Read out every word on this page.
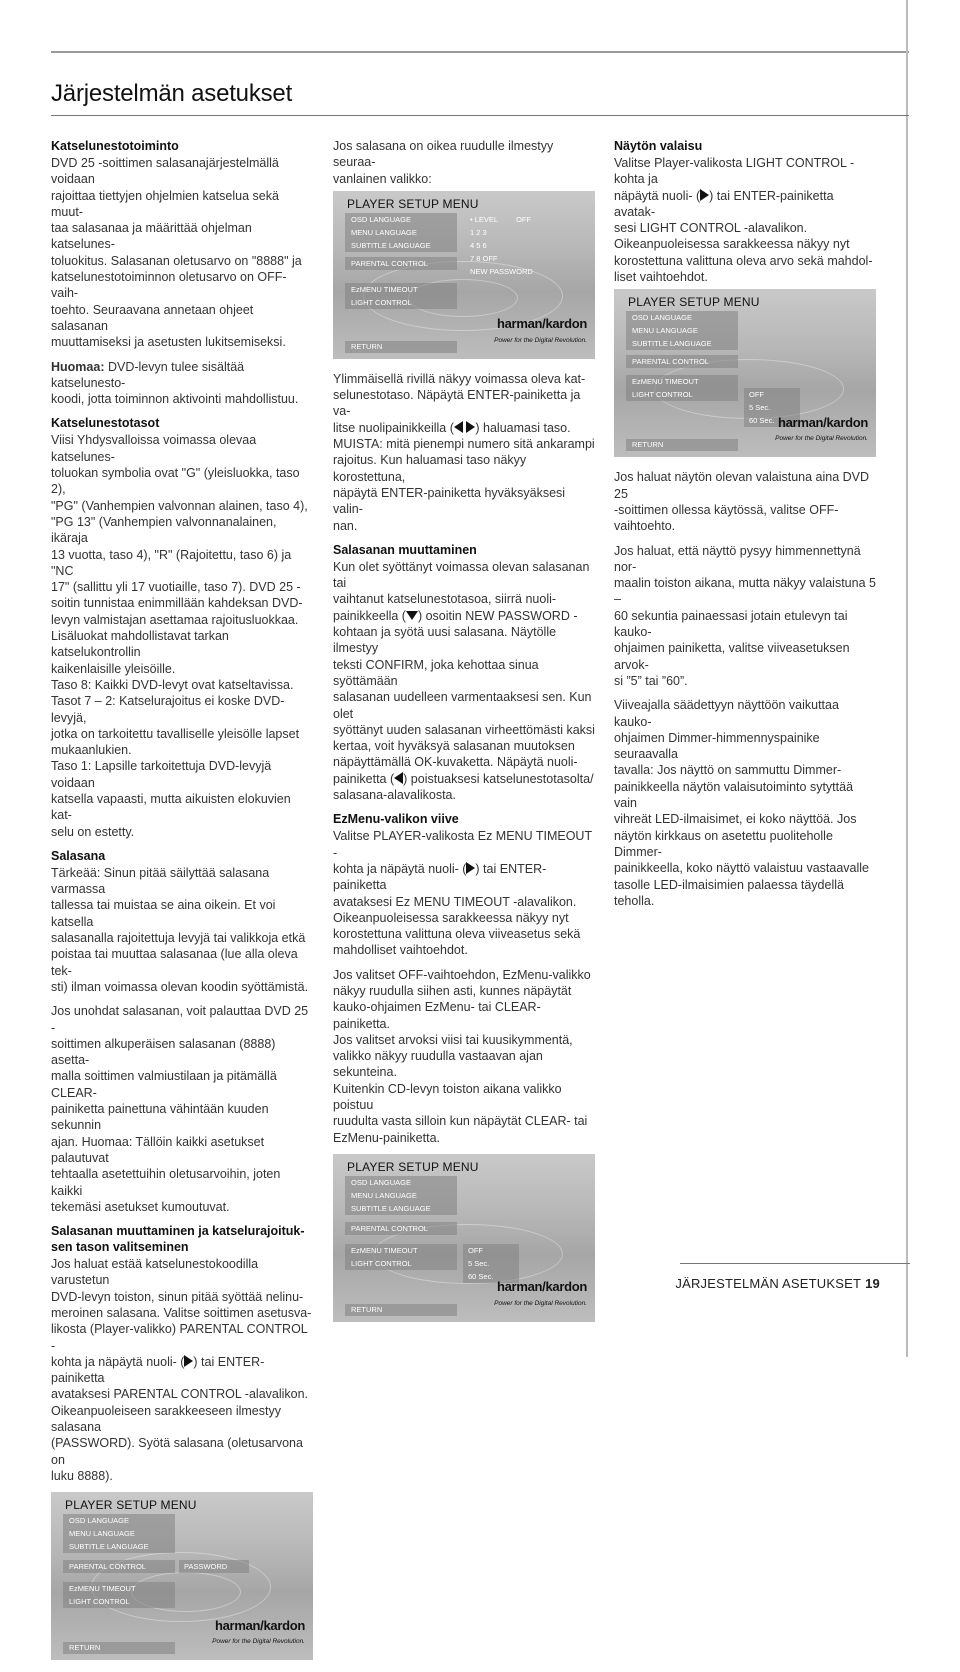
Järjestelmän asetukset
Katselunestotoiminto

DVD 25 -soittimen salasanajärjestelmällä voidaan
rajoittaa tiettyjen ohjelmien katselua sekä muut-
taa salasanaa ja määrittää ohjelman katselunes-
toluokitus. Salasanan oletusarvo on "8888" ja
katselunestotoiminnon oletusarvo on OFF-vaih-
toehto. Seuraavana annetaan ohjeet salasanan
muuttamiseksi ja asetusten lukitsemiseksi.

Huomaa: DVD-levyn tulee sisältää katselunesto-
koodi, jotta toiminnon aktivointi mahdollistuu.

Katselunestotasot

Viisi Yhdysvalloissa voimassa olevaa katselunes-
toluokan symbolia ovat "G" (yleisluokka, taso 2),
"PG" (Vanhempien valvonnan alainen, taso 4),
"PG 13" (Vanhempien valvonnanalainen, ikäraja
13 vuotta, taso 4), "R" (Rajoitettu, taso 6) ja "NC
17" (sallittu yli 17 vuotiaille, taso 7). DVD 25 -
soitin tunnistaa enimmillään kahdeksan DVD-
levyn valmistajan asettamaa rajoitusluokkaa.
Lisäluokat mahdollistavat tarkan katselukontrollin
kaikenlaisille yleisöille.
Taso 8: Kaikki DVD-levyt ovat katseltavissa.
Tasot 7 – 2: Katselurajoitus ei koske DVD-levyjä,
jotka on tarkoitettu tavalliselle yleisölle lapset
mukaanlukien.
Taso 1: Lapsille tarkoitettuja DVD-levyjä voidaan
katsella vapaasti, mutta aikuisten elokuvien kat-
selu on estetty.

Salasana

Tärkeää: Sinun pitää säilyttää salasana varmassa
tallessa tai muistaa se aina oikein. Et voi katsella
salasanalla rajoitettuja levyjä tai valikkoja etkä
poistaa tai muuttaa salasanaa (lue alla oleva tek-
sti) ilman voimassa olevan koodin syöttämistä.

Jos unohdat salasanan, voit palauttaa DVD 25 -
soittimen alkuperäisen salasanan (8888) asetta-
malla soittimen valmiustilaan ja pitämällä CLEAR-
painiketta painettuna vähintään kuuden sekunnin
ajan. Huomaa: Tällöin kaikki asetukset palautuvat
tehtaalla asetettuihin oletusarvoihin, joten kaikki
tekemäsi asetukset kumoutuvat.

Salasanan muuttaminen ja katselurajoituk-
sen tason valitseminen

Jos haluat estää katselunestokoodilla varustetun
DVD-levyn toiston, sinun pitää syöttää nelinu-
meroinen salasana. Valitse soittimen asetusva-
likosta (Player-valikko) PARENTAL CONTROL -
kohta ja näpäytä nuoli- ( ) tai ENTER-painiketta
avataksesi PARENTAL CONTROL -alavalikon.
Oikeanpuoleiseen sarakkeeseen ilmestyy salasana
(PASSWORD). Syötä salasana (oletusarvona on
luku 8888).

PLAYER SETUP MENU
OSD LANGUAGE
MENU LANGUAGE
SUBTITLE LANGUAGE
PARENTAL CONTROL	PASSWORD
EzMENU TIMEOUT
LIGHT CONTROL
RETURN
harman/kardon
Power for the Digital Revolution.

Jos salasana on oikea ruudulle ilmestyy seuraa-
vanlainen valikko:

PLAYER SETUP MENU
OSD LANGUAGE
MENU LANGUAGE
SUBTITLE LANGUAGE
PARENTAL CONTROL
• LEVEL OFF
1 2 3
4 5 6
7 8 OFF
NEW PASSWORD
EzMENU TIMEOUT
LIGHT CONTROL
RETURN
harman/kardon
Power for the Digital Revolution.

Ylimmäisellä rivillä näkyy voimassa oleva kat-
selunestotaso. Näpäytä ENTER-painiketta ja va-
litse nuolipainikkeilla ( ) haluamasi taso.
MUISTA: mitä pienempi numero sitä ankarampi
rajoitus. Kun haluamasi taso näkyy korostettuna,
näpäytä ENTER-painiketta hyväksyäksesi valin-
nan.

Salasanan muuttaminen

Kun olet syöttänyt voimassa olevan salasanan tai
vaihtanut katselunestotasoa, siirrä nuoli-
painikkeella ( ) osoitin NEW PASSWORD -
kohtaan ja syötä uusi salasana. Näytölle ilmestyy
teksti CONFIRM, joka kehottaa sinua syöttämään
salasanan uudelleen varmentaaksesi sen. Kun olet
syöttänyt uuden salasanan virheettömästi kaksi
kertaa, voit hyväksyä salasanan muutoksen
näpäyttämällä OK-kuvaketta. Näpäytä nuoli-
painiketta ( ) poistuaksesi katselunestotasolta/
salasana-alavalikosta.

EzMenu-valikon viive

Valitse PLAYER-valikosta Ez MENU TIMEOUT -
kohta ja näpäytä nuoli- ( ) tai ENTER-painiketta
avataksesi Ez MENU TIMEOUT -alavalikon.
Oikeanpuoleisessa sarakkeessa näkyy nyt
korostettuna valittuna oleva viiveasetus sekä
mahdolliset vaihtoehdot.

Jos valitset OFF-vaihtoehdon, EzMenu-valikko
näkyy ruudulla siihen asti, kunnes näpäytät
kauko-ohjaimen EzMenu- tai CLEAR-painiketta.
Jos valitset arvoksi viisi tai kuusikymmentä,
valikko näkyy ruudulla vastaavan ajan sekunteina.
Kuitenkin CD-levyn toiston aikana valikko poistuu
ruudulta vasta silloin kun näpäytät CLEAR- tai
EzMenu-painiketta.

PLAYER SETUP MENU
OSD LANGUAGE
MENU LANGUAGE
SUBTITLE LANGUAGE
PARENTAL CONTROL
EzMENU TIMEOUT
LIGHT CONTROL
OFF
5 Sec.
60 Sec.
RETURN
harman/kardon
Power for the Digital Revolution.
Näytön valaisu

Valitse Player-valikosta LIGHT CONTROL -kohta ja
näpäytä nuoli- ( ) tai ENTER-painiketta avatak-
sesi LIGHT CONTROL -alavalikon.
Oikeanpuoleisessa sarakkeessa näkyy nyt
korostettuna valittuna oleva arvo sekä mahdol-
liset vaihtoehdot.

PLAYER SETUP MENU
OSD LANGUAGE
MENU LANGUAGE
SUBTITLE LANGUAGE
PARENTAL CONTROL
EzMENU TIMEOUT
LIGHT CONTROL	OFF
5 Sec.
60 Sec.
RETURN
harman/kardon
Power for the Digital Revolution.

Jos haluat näytön olevan valaistuna aina DVD 25
-soittimen ollessa käytössä, valitse OFF-
vaihtoehto.

Jos haluat, että näyttö pysyy himmennettynä nor-
maalin toiston aikana, mutta näkyy valaistuna 5 –
60 sekuntia painaessasi jotain etulevyn tai kauko-
ohjaimen painiketta, valitse viiveasetuksen arvok-
si ”5” tai ”60”.

Viiveajalla säädettyyn näyttöön vaikuttaa kauko-
ohjaimen Dimmer-himmennyspainike seuraavalla
tavalla: Jos näyttö on sammuttu Dimmer-
painikkeella näytön valaisutoiminto sytyttää vain
vihreät LED-ilmaisimet, ei koko näyttöä. Jos
näytön kirkkaus on asetettu puoliteholle Dimmer-
painikkeella, koko näyttö valaistuu vastaavalle
tasolle LED-ilmaisimien palaessa täydellä teholla.

JÄRJESTELMÄN ASETUKSET 19
